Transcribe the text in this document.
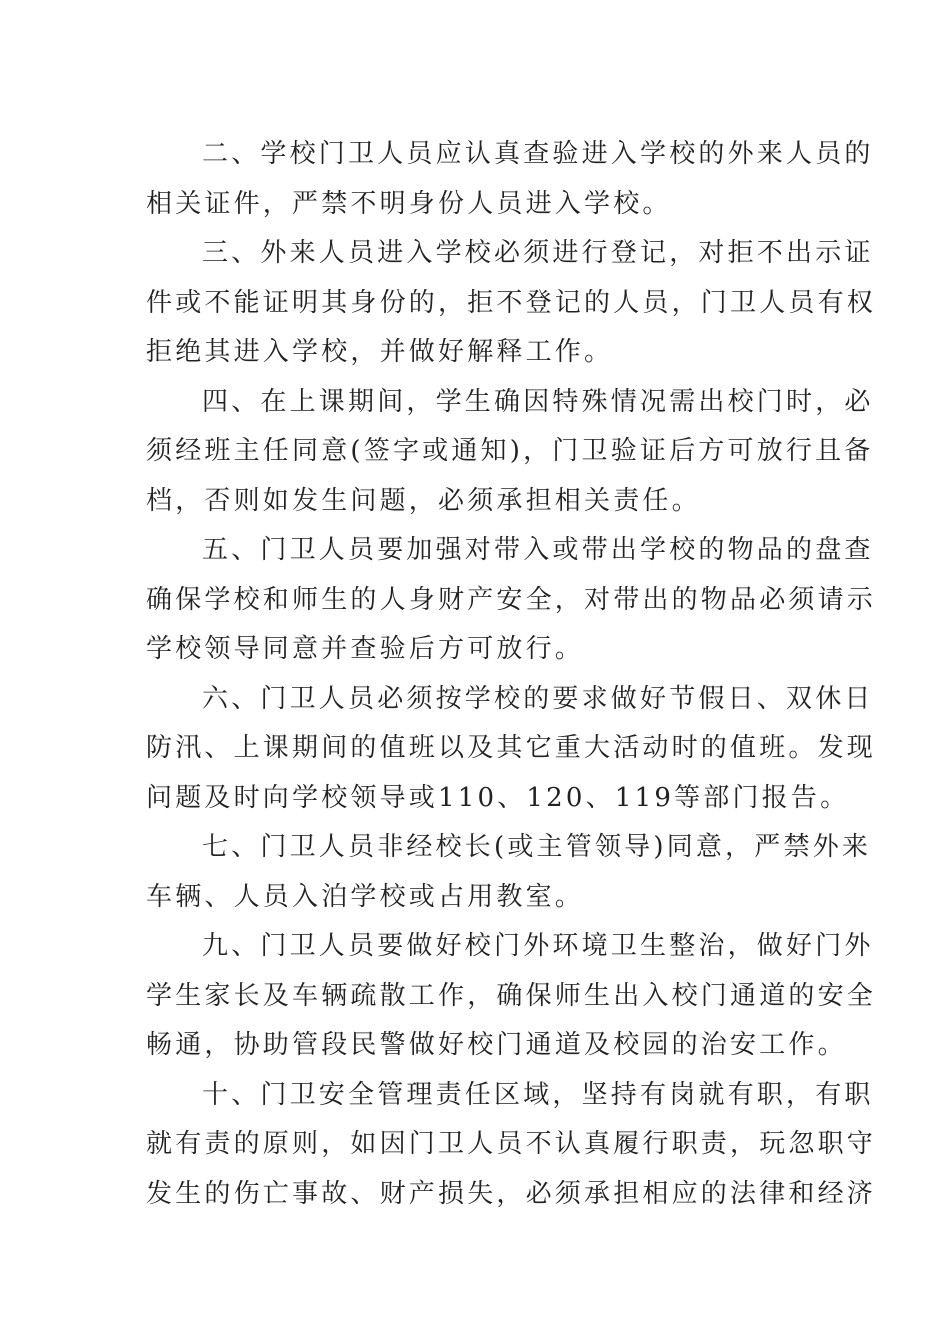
二、学校门卫人员应认真查验进入学校的外来人员的
相关证件，严禁不明身份人员进入学校。
三、外来人员进入学校必须进行登记，对拒不出示证
件或不能证明其身份的，拒不登记的人员，门卫人员有权
拒绝其进入学校，并做好解释工作。
四、在上课期间，学生确因特殊情况需出校门时，必
须经班主任同意(签字或通知)，门卫验证后方可放行且备
档，否则如发生问题，必须承担相关责任。
五、门卫人员要加强对带入或带出学校的物品的盘查
确保学校和师生的人身财产安全，对带出的物品必须请示
学校领导同意并查验后方可放行。
六、门卫人员必须按学校的要求做好节假日、双休日
防汛、上课期间的值班以及其它重大活动时的值班。发现
问题及时向学校领导或110、120、119等部门报告。
七、门卫人员非经校长(或主管领导)同意，严禁外来
车辆、人员入泊学校或占用教室。
九、门卫人员要做好校门外环境卫生整治，做好门外
学生家长及车辆疏散工作，确保师生出入校门通道的安全
畅通，协助管段民警做好校门通道及校园的治安工作。
十、门卫安全管理责任区域，坚持有岗就有职，有职
就有责的原则，如因门卫人员不认真履行职责，玩忽职守
发生的伤亡事故、财产损失，必须承担相应的法律和经济
